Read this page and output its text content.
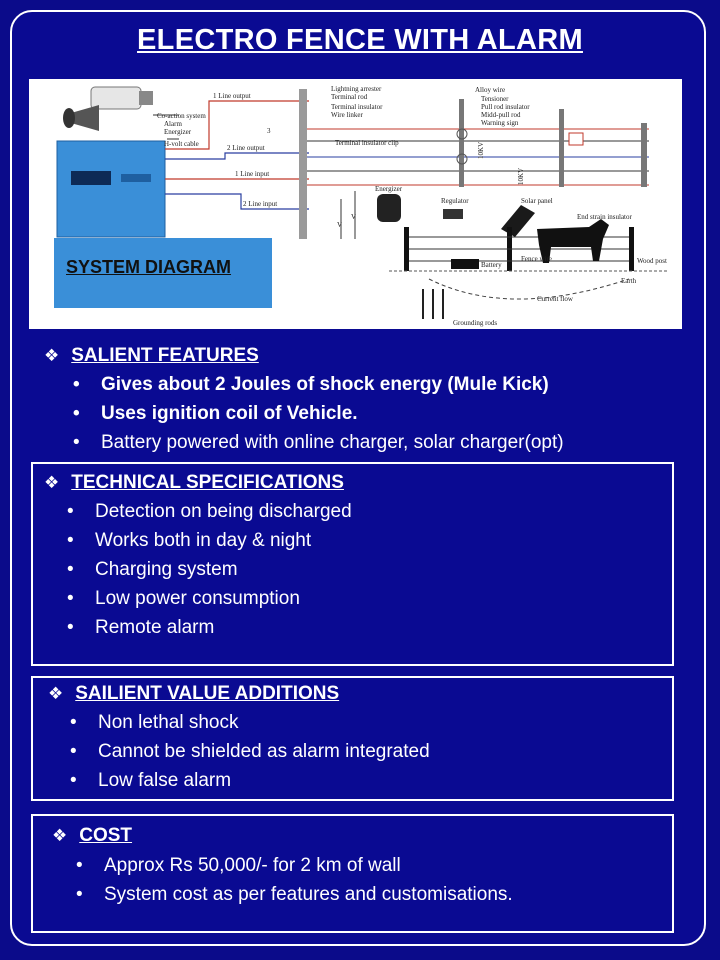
ELECTRO FENCE WITH ALARM
Co-action system
Alarm
Energizer
H-volt cable
1 Line output
2 Line output
1 Line input
2 Line input
3
Lightning arrester
Terminal rod
Terminal insulator
Wire linker
Terminal insulator clip
Alloy wire
Tensioner
Pull rod insulator
Midd-pull rod
Warning sign
10KV
10KV
Energizer
Regulator	Solar panel
End strain insulator
Battery
Fence wire	Wood post
Earth
Current flow
Grounding rods
V
V
SYSTEM DIAGRAM
❖ SALIENT FEATURES
• Gives about 2 Joules of shock energy (Mule Kick)
• Uses ignition coil of Vehicle.
• Battery powered with online charger, solar charger(opt)
❖ TECHNICAL SPECIFICATIONS
• Detection on being discharged
• Works both in day & night
• Charging system
• Low power consumption
• Remote alarm
❖ SAILIENT VALUE ADDITIONS
• Non lethal shock
• Cannot be shielded as alarm integrated
• Low false alarm
❖ COST
• Approx Rs 50,000/- for 2 km of wall
• System cost as per features and customisations.
